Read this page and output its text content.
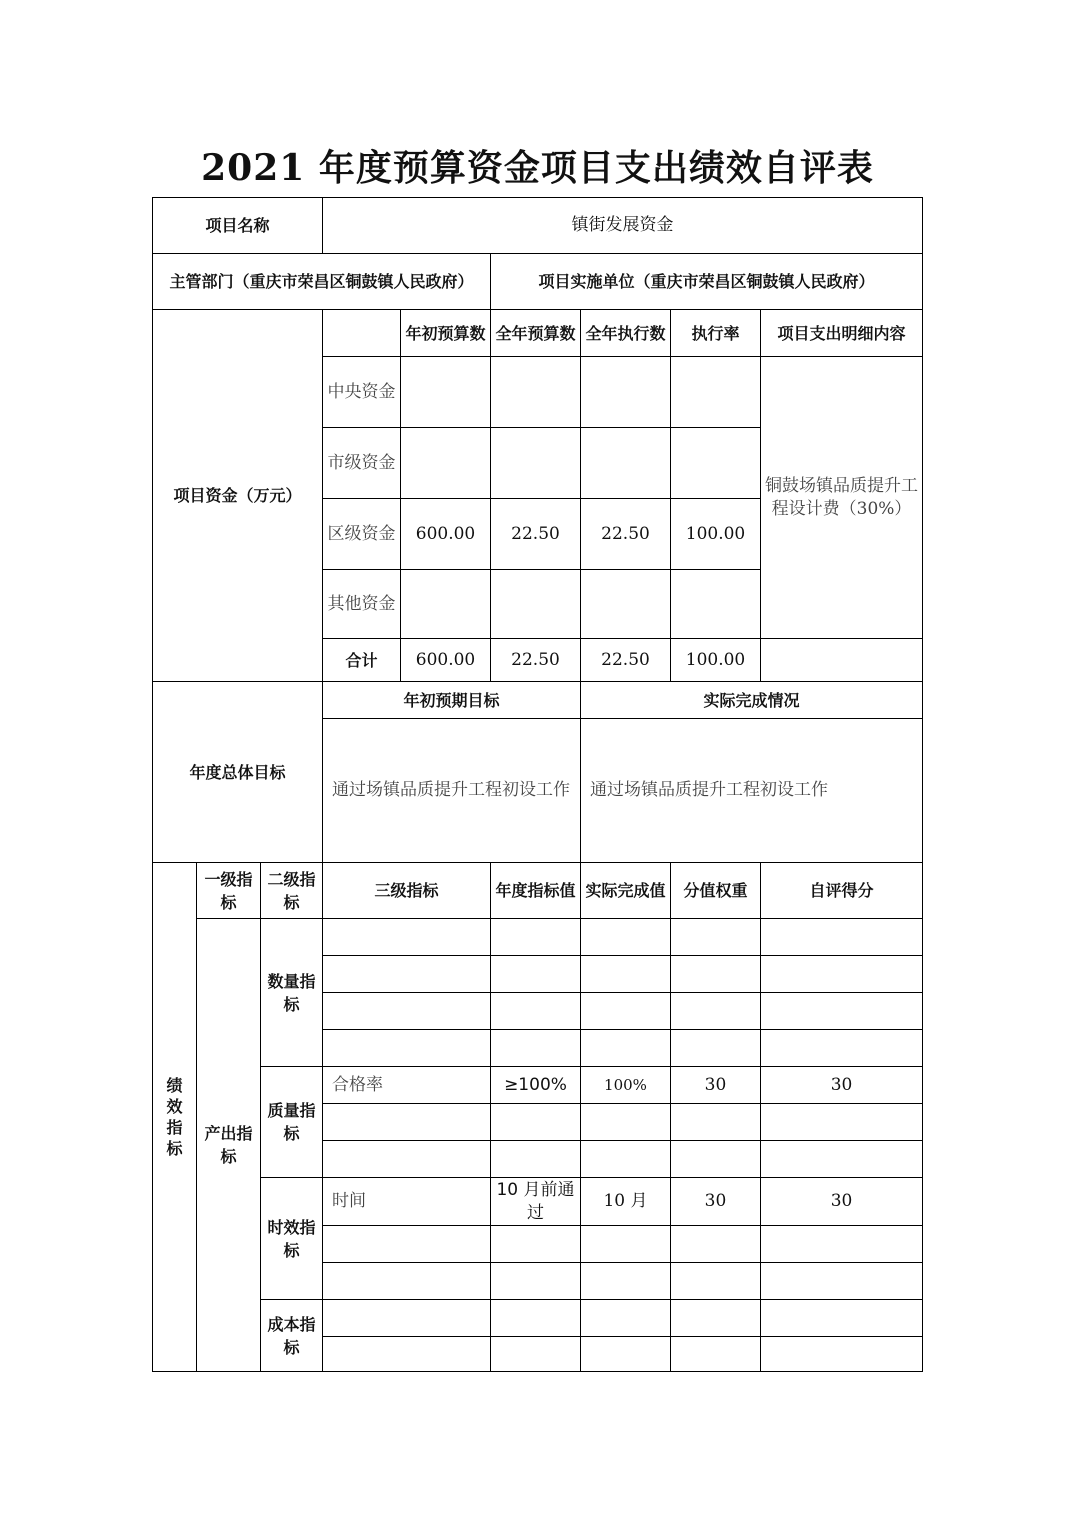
2021 年度预算资金项目支出绩效自评表
项目名称			镇街发展资金					
主管部门（重庆市荣昌区铜鼓镇人民政府）					项目实施单位（重庆市荣昌区铜鼓镇人民政府）			
项目资金（万元）				年初预算数	全年预算数	全年执行数	执行率	项目支出明细内容
			中央资金					铜鼓场镇品质提升工程设计费（30%）
			市级资金					
			区级资金	600.00	22.50	22.50	100.00	
			其他资金					
			合计	600.00	22.50	22.50	100.00	
年度总体目标			年初预期目标			实际完成情况		
			通过场镇品质提升工程初设工作			通过场镇品质提升工程初设工作		
绩效指标	一级指标	二级指标	三级指标		年度指标值	实际完成值	分值权重	自评得分
	产出指标	数量指标						

		质量指标	合格率		≥100%	100%	30	30

		时效指标	时间		10 月前通过	10 月	30	30

		成本指标						
